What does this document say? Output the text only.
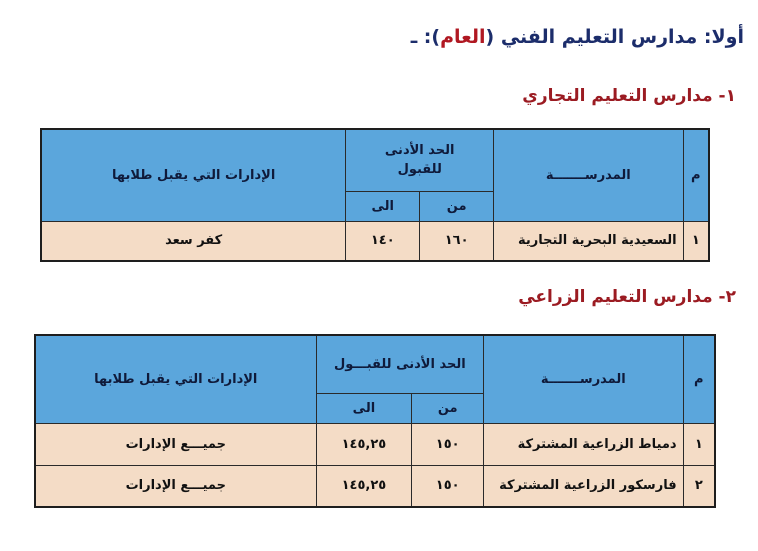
أولا: مدارس التعليم الفني (العام): ـ
١- مدارس التعليم التجاري
م	المدرســـــــة	الحد الأدنى للقبول		الإدارات التي يقبل طلابها
		من	الى	
١	السعيدية البحرية التجارية	١٦٠	١٤٠	كفر سعد
٢- مدارس التعليم الزراعي
م	المدرســـــــة	الحد الأدنى للقبـــول		الإدارات التي يقبل طلابها
		من	الى	
١	دمياط الزراعية المشتركة	١٥٠	١٤٥,٢٥	جميـــع الإدارات
٢	فارسكور الزراعية المشتركة	١٥٠	١٤٥,٢٥	جميـــع الإدارات
